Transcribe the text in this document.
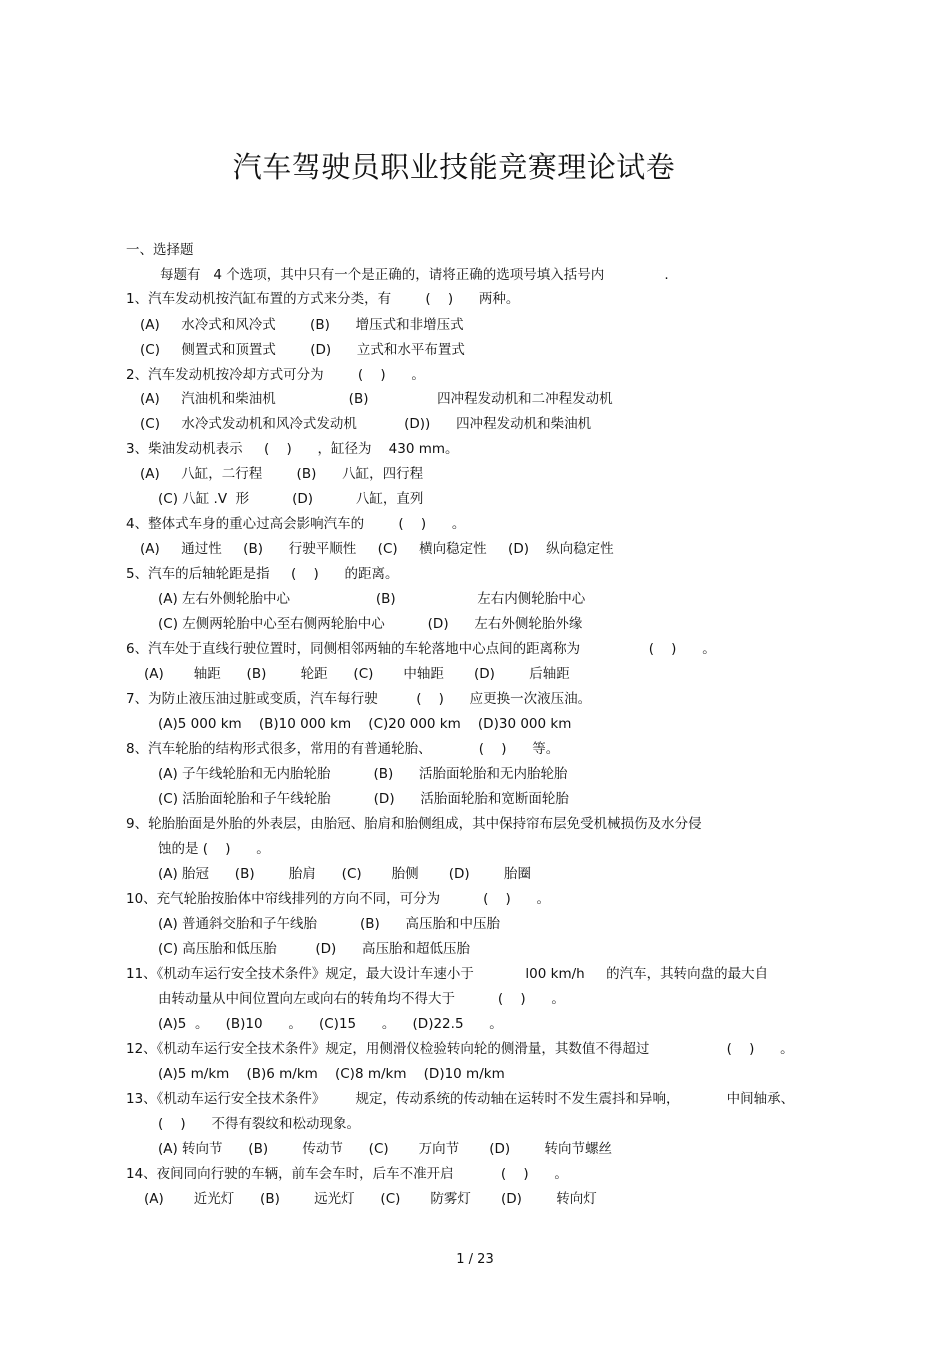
汽车驾驶员职业技能竞赛理论试卷
一、选择题
每题有   4 个选项，其中只有一个是正确的，请将正确的选项号填入括号内              .
1、汽车发动机按汽缸布置的方式来分类，有        (    )      两种。
(A)     水冷式和风冷式        (B)      增压式和非增压式
(C)     侧置式和顶置式        (D)      立式和水平布置式
2、汽车发动机按冷却方式可分为        (    )      。
(A)     汽油机和柴油机                 (B)                四冲程发动机和二冲程发动机
(C)     水冷式发动机和风冷式发动机           (D))      四冲程发动机和柴油机
3、柴油发动机表示     (    )      ，缸径为    430 mm。
(A)     八缸，二行程        (B)      八缸，四行程
(C) 八缸 .V  形          (D)          八缸，直列
4、整体式车身的重心过高会影响汽车的        (    )      。
(A)     通过性     (B)      行驶平顺性     (C)     横向稳定性     (D)    纵向稳定性
5、汽车的后轴轮距是指     (    )      的距离。
(A) 左右外侧轮胎中心                    (B)                   左右内侧轮胎中心
(C) 左侧两轮胎中心至右侧两轮胎中心          (D)      左右外侧轮胎外缘
6、汽车处于直线行驶位置时，同侧相邻两轴的车轮落地中心点间的距离称为                (    )      。
(A)       轴距      (B)        轮距      (C)       中轴距       (D)        后轴距
7、为防止液压油过脏或变质，汽车每行驶         (    )      应更换一次液压油。
(A)5 000 km    (B)10 000 km    (C)20 000 km    (D)30 000 km
8、汽车轮胎的结构形式很多，常用的有普通轮胎、           (    )      等。
(A) 子午线轮胎和无内胎轮胎          (B)      活胎面轮胎和无内胎轮胎
(C) 活胎面轮胎和子午线轮胎          (D)      活胎面轮胎和宽断面轮胎
9、轮胎胎面是外胎的外表层，由胎冠、胎肩和胎侧组成，其中保持帘布层免受机械损伤及水分侵
蚀的是 (    )      。
(A) 胎冠      (B)        胎肩      (C)       胎侧       (D)        胎圈
10、充气轮胎按胎体中帘线排列的方向不同，可分为          (    )      。
(A) 普通斜交胎和子午线胎          (B)      高压胎和中压胎
(C) 高压胎和低压胎         (D)      高压胎和超低压胎
11、《机动车运行安全技术条件》规定，最大设计车速小于            l00 km/h     的汽车，其转向盘的最大自
由转动量从中间位置向左或向右的转角均不得大于          (    )      。
(A)5  。    (B)10      。    (C)15      。    (D)22.5      。
12、《机动车运行安全技术条件》规定，用侧滑仪检验转向轮的侧滑量，其数值不得超过                  (    )      。
(A)5 m/km    (B)6 m/km    (C)8 m/km    (D)10 m/km
13、《机动车运行安全技术条件》       规定，传动系统的传动轴在运转时不发生震抖和异响，           中间轴承、
(    )      不得有裂纹和松动现象。
(A) 转向节      (B)        传动节      (C)       万向节       (D)        转向节螺丝
14、夜间同向行驶的车辆，前车会车时，后车不准开启           (    )      。
(A)       近光灯      (B)        远光灯      (C)       防雾灯       (D)        转向灯
1 / 23
